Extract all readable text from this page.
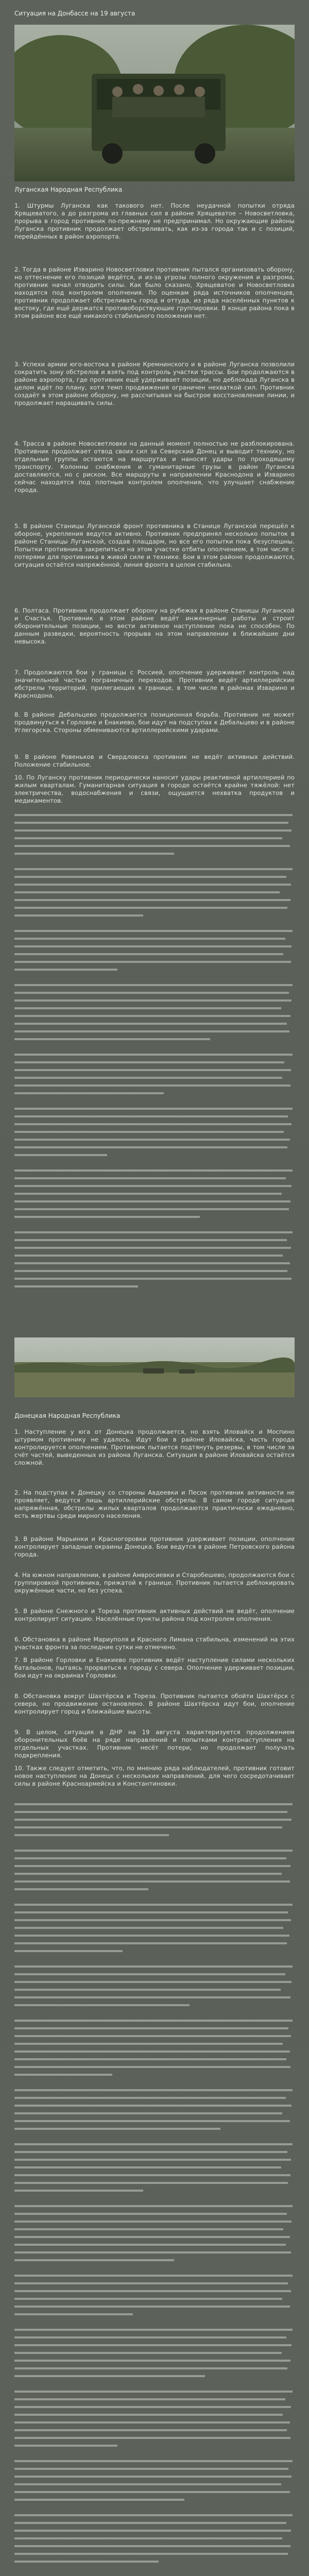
Ситуация на Донбассе на 19 августа
Луганская Народная Республика
1. Штурмы Луганска как такового нет. После неудачной попытки отряда Хрящеватого, а до разгрома из главных сил в районе Хрящеватое – Новосветловка, прорыва в город противник по-прежнему не предпринимал. Но окружающие районы Луганска противник продолжает обстреливать, как из-за города так и с позиций, перейдённых в район аэропорта.
2. Тогда в районе Изварино Новосветловки противник пытался организовать оборону, но оттеснение его позиций ведётся, и из-за угрозы полного окружения и разгрома, противник начал отводить силы. Как было сказано, Хрящеватое и Новосветловка находятся под контролем ополчения. По оценкам ряда источников ополченцев, противник продолжает обстреливать город и оттуда, из ряда населённых пунктов к востоку, где ещё держатся противоборствующие группировки. В конце района пока в этом районе все ещё никакого стабильного положения нет.
3. Успехи армии юго-востока в районе Кремнинского и в районе Луганска позволили сократить зону обстрелов и взять под контроль участки трассы. Бои продолжаются в районе аэропорта, где противник ещё удерживает позиции, но деблокада Луганска в целом идёт по плану, хотя темп продвижения ограничен нехваткой сил. Противник создаёт в этом районе оборону, не рассчитывая на быстрое восстановление линии, и продолжает наращивать силы.
4. Трасса в районе Новосветловки на данный момент полностью не разблокирована. Противник продолжает отвод своих сил за Северский Донец и выводит технику, но отдельные группы остаются на маршрутах и наносят удары по проходящему транспорту. Колонны снабжения и гуманитарные грузы в район Луганска доставляются, но с риском. Все маршруты в направлении Краснодона и Изварино сейчас находятся под плотным контролем ополчения, что улучшает снабжение города.
5. В районе Станицы Луганской фронт противника в Станице Луганской перешёл к обороне, укрепления ведутся активно. Противник предпринял несколько попыток в районе Станицы Луганской, создав плацдарм, но все его попытки пока безуспешны. Попытки противника закрепиться на этом участке отбиты ополчением, в том числе с потерями для противника в живой силе и технике. Бои в этом районе продолжаются, ситуация остаётся напряжённой, линия фронта в целом стабильна.
6. Полтаса. Противник продолжает оборону на рубежах в районе Станицы Луганской и Счастья. Противник в этом районе ведёт инженерные работы и строит оборонительные позиции, но вести активное наступление пока не способен. По данным разведки, вероятность прорыва на этом направлении в ближайшие дни невысока.
7. Продолжаются бои у границы с Россией, ополчение удерживает контроль над значительной частью пограничных переходов. Противник ведёт артиллерийские обстрелы территорий, прилегающих к границе, в том числе в районах Изварино и Краснодона.
8. В районе Дебальцево продолжается позиционная борьба. Противник не может продвинуться к Горловке и Енакиево, бои идут на подступах к Дебальцево и в районе Углегорска. Стороны обмениваются артиллерийскими ударами.
9. В районе Ровеньков и Свердловска противник не ведёт активных действий. Положение стабильное.
10. По Луганску противник периодически наносит удары реактивной артиллерией по жилым кварталам. Гуманитарная ситуация в городе остаётся крайне тяжёлой: нет электричества, водоснабжения и связи, ощущается нехватка продуктов и медикаментов.
Донецкая Народная Республика
1. Наступление у юга от Донецка продолжается, но взять Иловайск и Моспино штурмом противнику не удалось. Идут бои в районе Иловайска, часть города контролируется ополчением. Противник пытается подтянуть резервы, в том числе за счёт частей, выведенных из района Луганска. Ситуация в районе Иловайска остаётся сложной.
2. На подступах к Донецку со стороны Авдеевки и Песок противник активности не проявляет, ведутся лишь артиллерийские обстрелы. В самом городе ситуация напряжённая, обстрелы жилых кварталов продолжаются практически ежедневно, есть жертвы среди мирного населения.
3. В районе Марьинки и Красногоровки противник удерживает позиции, ополчение контролирует западные окраины Донецка. Бои ведутся в районе Петровского района города.
4. На южном направлении, в районе Амвросиевки и Старобешево, продолжаются бои с группировкой противника, прижатой к границе. Противник пытается деблокировать окружённые части, но без успеха.
5. В районе Снежного и Тореза противник активных действий не ведёт, ополчение контролирует ситуацию. Населённые пункты района под контролем ополчения.
6. Обстановка в районе Мариуполя и Красного Лимана стабильна, изменений на этих участках фронта за последние сутки не отмечено.
7. В районе Горловки и Енакиево противник ведёт наступление силами нескольких батальонов, пытаясь прорваться к городу с севера. Ополчение удерживает позиции, бои идут на окраинах Горловки.
8. Обстановка вокруг Шахтёрска и Тореза. Противник пытается обойти Шахтёрск с севера, но продвижение остановлено. В районе Шахтёрска идут бои, ополчение контролирует город и ближайшие высоты.
9. В целом, ситуация в ДНР на 19 августа характеризуется продолжением оборонительных боёв на ряде направлений и попытками контрнаступления на отдельных участках. Противник несёт потери, но продолжает получать подкрепления.
10. Также следует отметить, что, по мнению ряда наблюдателей, противник готовит новое наступление на Донецк с нескольких направлений, для чего сосредотачивает силы в районе Красноармейска и Константиновки.
